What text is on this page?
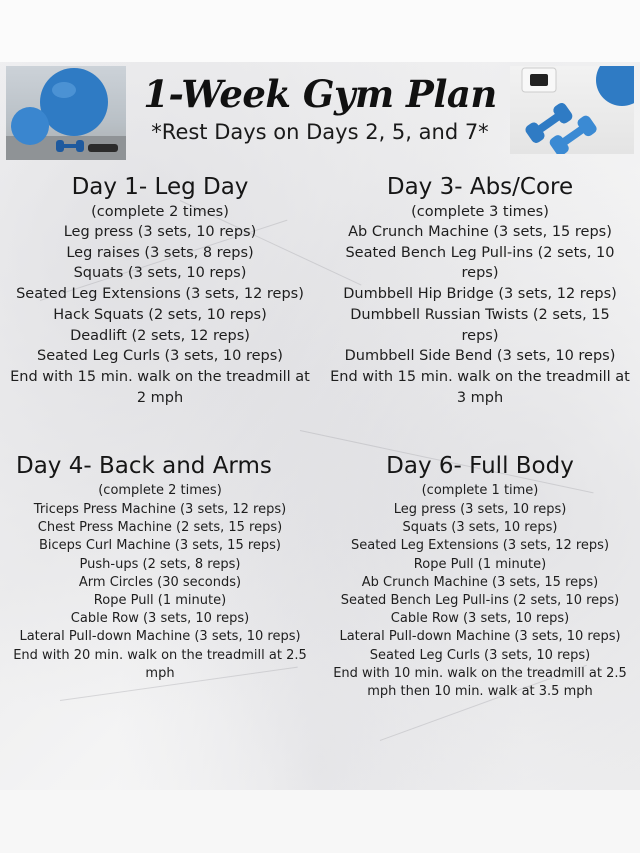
1-Week Gym Plan
*Rest Days on Days 2, 5, and 7*
Day 1- Leg Day
(complete 2 times)
Leg press (3 sets, 10 reps)
Leg raises (3 sets, 8 reps)
Squats (3 sets, 10 reps)
Seated Leg Extensions (3 sets, 12 reps)
Hack Squats (2 sets, 10 reps)
Deadlift (2 sets, 12 reps)
Seated Leg Curls (3 sets, 10 reps)
End with 15 min. walk on the treadmill at 2 mph
Day 3- Abs/Core
(complete 3 times)
Ab Crunch Machine (3 sets, 15 reps)
Seated Bench Leg Pull-ins (2 sets, 10 reps)
Dumbbell Hip Bridge (3 sets, 12 reps)
Dumbbell Russian Twists (2 sets, 15 reps)
Dumbbell Side Bend (3 sets, 10 reps)
End with 15 min. walk on the treadmill at 3 mph
Day 4- Back and Arms
(complete 2 times)
Triceps Press Machine (3 sets, 12 reps)
Chest Press Machine (2 sets, 15 reps)
Biceps Curl Machine (3 sets, 15 reps)
Push-ups (2 sets, 8 reps)
Arm Circles (30 seconds)
Rope Pull (1 minute)
Cable Row (3 sets, 10 reps)
Lateral Pull-down Machine (3 sets, 10 reps)
End with 20 min. walk on the treadmill at 2.5 mph
Day 6- Full Body
(complete 1 time)
Leg press (3 sets, 10 reps)
Squats (3 sets, 10 reps)
Seated Leg Extensions (3 sets, 12 reps)
Rope Pull (1 minute)
Ab Crunch Machine (3 sets, 15 reps)
Seated Bench Leg Pull-ins (2 sets, 10 reps)
Cable Row (3 sets, 10 reps)
Lateral Pull-down Machine (3 sets, 10 reps)
Seated Leg Curls (3 sets, 10 reps)
End with 10 min. walk on the treadmill at 2.5 mph then 10 min. walk at 3.5 mph
